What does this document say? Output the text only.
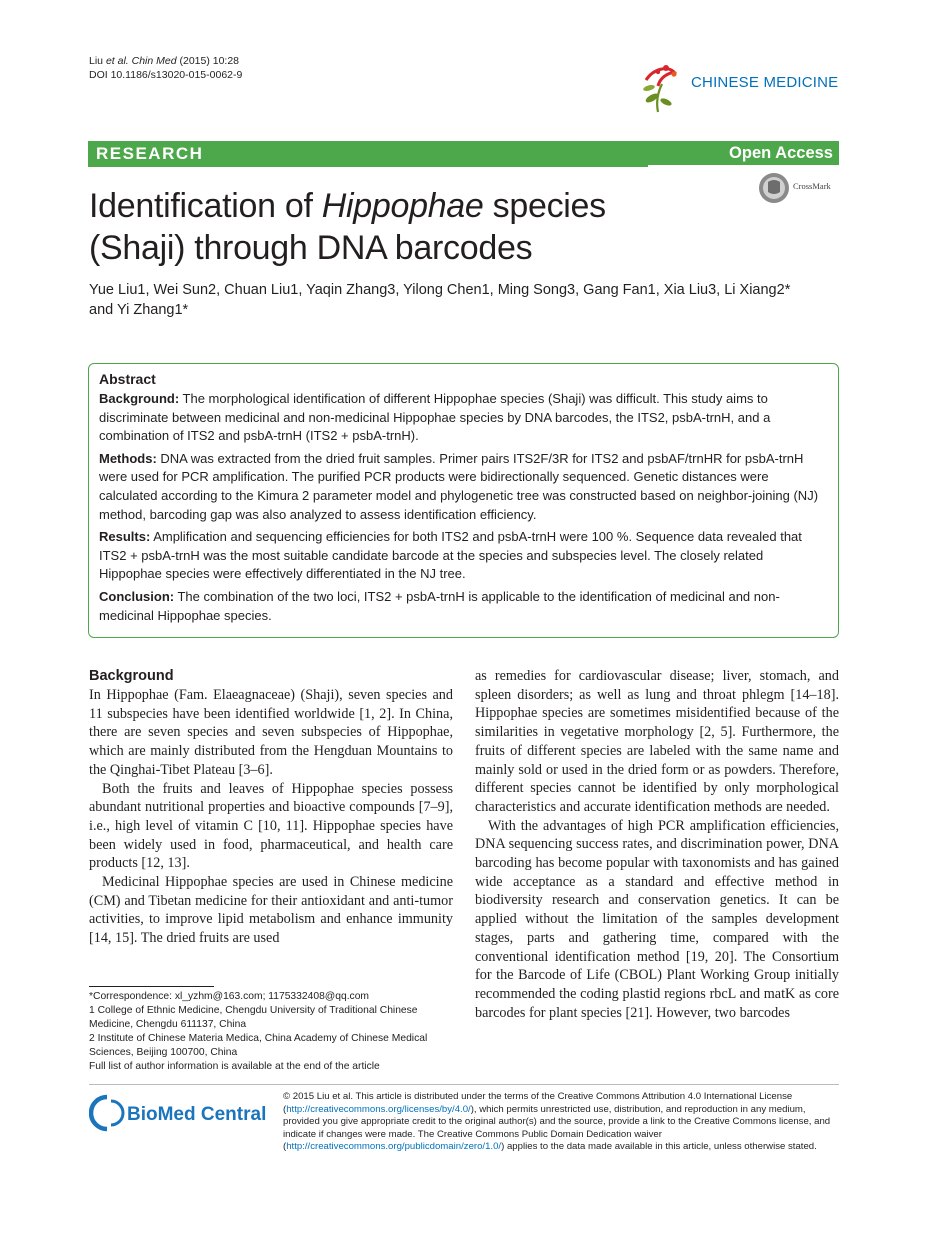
Liu et al. Chin Med (2015) 10:28
DOI 10.1186/s13020-015-0062-9	CHINESE MEDICINE
RESEARCH	Open Access
CrossMark
Identification of Hippophae species
(Shaji) through DNA barcodes
Yue Liu1, Wei Sun2, Chuan Liu1, Yaqin Zhang3, Yilong Chen1, Ming Song3, Gang Fan1, Xia Liu3, Li Xiang2*
and Yi Zhang1*
Abstract

Background: The morphological identification of different Hippophae species (Shaji) was difficult. This study aims to discriminate between medicinal and non-medicinal Hippophae species by DNA barcodes, the ITS2, psbA-trnH, and a combination of ITS2 and psbA-trnH (ITS2 + psbA-trnH).

Methods: DNA was extracted from the dried fruit samples. Primer pairs ITS2F/3R for ITS2 and psbAF/trnHR for psbA-trnH were used for PCR amplification. The purified PCR products were bidirectionally sequenced. Genetic distances were calculated according to the Kimura 2 parameter model and phylogenetic tree was constructed based on neighbor-joining (NJ) method, barcoding gap was also analyzed to assess identification efficiency.

Results: Amplification and sequencing efficiencies for both ITS2 and psbA-trnH were 100 %. Sequence data revealed that ITS2 + psbA-trnH was the most suitable candidate barcode at the species and subspecies level. The closely related Hippophae species were effectively differentiated in the NJ tree.

Conclusion: The combination of the two loci, ITS2 + psbA-trnH is applicable to the identification of medicinal and non-medicinal Hippophae species.

Background

In Hippophae (Fam. Elaeagnaceae) (Shaji), seven species and 11 subspecies have been identified worldwide [1, 2]. In China, there are seven species and seven subspecies of Hippophae, which are mainly distributed from the Hengduan Mountains to the Qinghai-Tibet Plateau [3–6].

Both the fruits and leaves of Hippophae species possess abundant nutritional properties and bioactive compounds [7–9], i.e., high level of vitamin C [10, 11]. Hippophae species have been widely used in food, pharmaceutical, and health care products [12, 13].

Medicinal Hippophae species are used in Chinese medicine (CM) and Tibetan medicine for their antioxidant and anti-tumor activities, to improve lipid metabolism and enhance immunity [14, 15]. The dried fruits are used

as remedies for cardiovascular disease; liver, stomach, and spleen disorders; as well as lung and throat phlegm [14–18]. Hippophae species are sometimes misidentified because of the similarities in vegetative morphology [2, 5]. Furthermore, the fruits of different species are labeled with the same name and mainly sold or used in the dried form or as powders. Therefore, different species cannot be identified by only morphological characteristics and accurate identification methods are needed.

With the advantages of high PCR amplification efficiencies, DNA sequencing success rates, and discrimination power, DNA barcoding has become popular with taxonomists and has gained wide acceptance as a standard and effective method in biodiversity research and conservation genetics. It can be applied without the limitation of the samples development stages, parts and gathering time, compared with the conventional identification method [19, 20]. The Consortium for the Barcode of Life (CBOL) Plant Working Group initially recommended the coding plastid regions rbcL and matK as core barcodes for plant species [21]. However, two barcodes

*Correspondence: xl_yzhm@163.com; 1175332408@qq.com

1 College of Ethnic Medicine, Chengdu University of Traditional Chinese Medicine, Chengdu 611137, China

2 Institute of Chinese Materia Medica, China Academy of Chinese Medical Sciences, Beijing 100700, China

Full list of author information is available at the end of the article

BioMed Central
© 2015 Liu et al. This article is distributed under the terms of the Creative Commons Attribution 4.0 International License (http://creativecommons.org/licenses/by/4.0/), which permits unrestricted use, distribution, and reproduction in any medium, provided you give appropriate credit to the original author(s) and the source, provide a link to the Creative Commons license, and indicate if changes were made. The Creative Commons Public Domain Dedication waiver (http://creativecommons.org/publicdomain/zero/1.0/) applies to the data made available in this article, unless otherwise stated.
